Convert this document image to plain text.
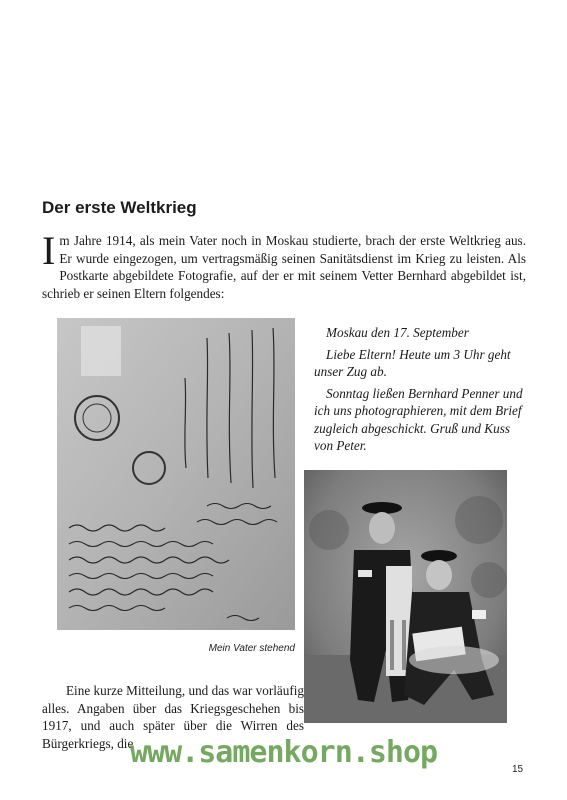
Der erste Weltkrieg

Im Jahre 1914, als mein Vater noch in Moskau studierte, brach der erste Weltkrieg aus. Er wurde eingezogen, um vertragsmäßig seinen Sanitätsdienst im Krieg zu leisten. Als Postkarte abgebildete Fotografie, auf der er mit seinem Vetter Bernhard abgebildet ist, schrieb er seinen Eltern folgendes:

Mein Vater stehend

Moskau den 17. September

Liebe Eltern! Heute um 3 Uhr geht unser Zug ab.

Sonntag ließen Bernhard Penner und ich uns photographieren, mit dem Brief zugleich abgeschickt. Gruß und Kuss von Peter.

Eine kurze Mitteilung, und das war vorläufig alles. Angaben über das Kriegsgeschehen bis 1917, und auch später über die Wirren des Bürgerkriegs, die

www.samenkorn.shop	15
